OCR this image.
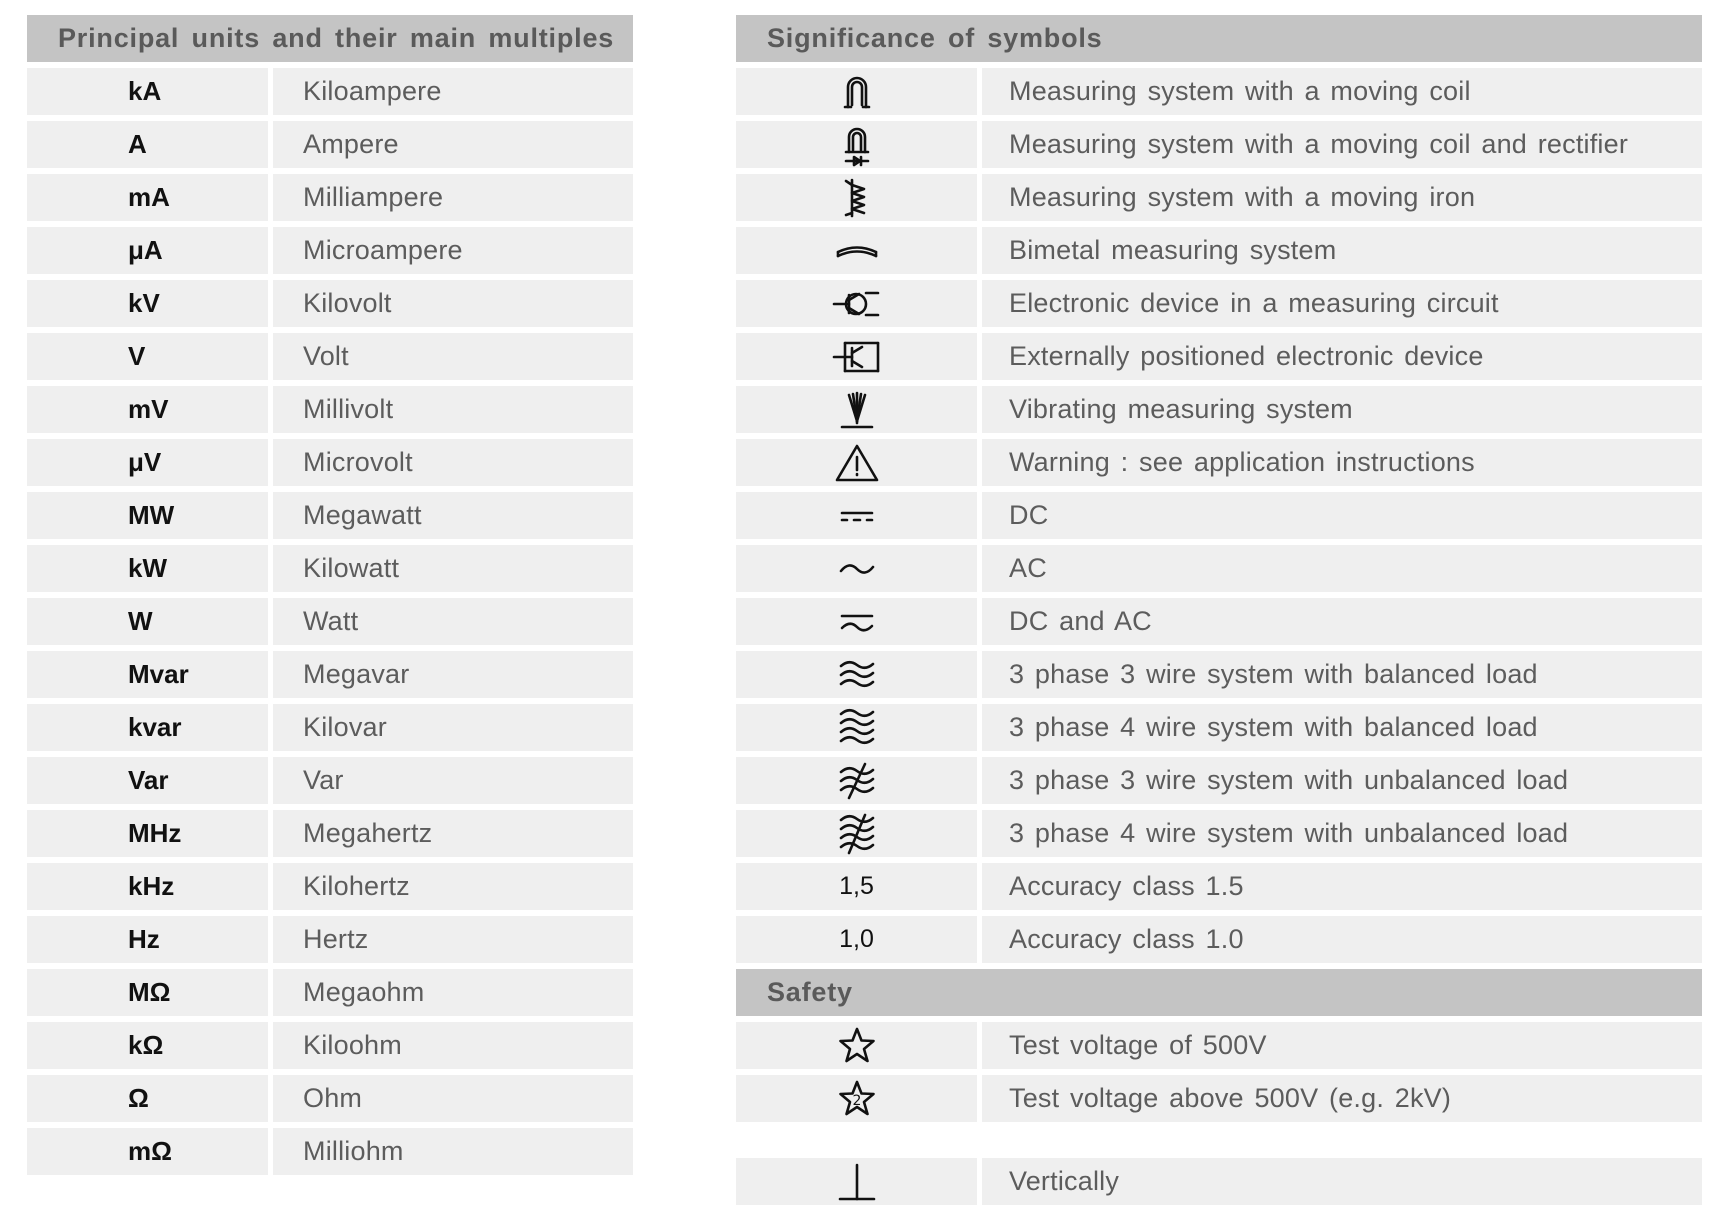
Principal units and their main multiples
kA	Kiloampere
A	Ampere
mA	Milliampere
μA	Microampere
kV	Kilovolt
V	Volt
mV	Millivolt
μV	Microvolt
MW	Megawatt
kW	Kilowatt
W	Watt
Mvar	Megavar
kvar	Kilovar
Var	Var
MHz	Megahertz
kHz	Kilohertz
Hz	Hertz
MΩ	Megaohm
kΩ	Kiloohm
Ω	Ohm
mΩ	Milliohm
Significance of symbols
Measuring system with a moving coil
Measuring system with a moving coil and rectifier
Measuring system with a moving iron
Bimetal measuring system
Electronic device in a measuring circuit
Externally positioned electronic device
Vibrating measuring system
Warning : see application instructions
DC
AC
DC and AC
3 phase 3 wire system with balanced load
3 phase 4 wire system with balanced load
3 phase 3 wire system with unbalanced load
3 phase 4 wire system with unbalanced load
1,5	Accuracy class 1.5
1,0	Accuracy class 1.0
Safety
Test voltage of 500V
2	Test voltage above 500V (e.g. 2kV)
Vertically
